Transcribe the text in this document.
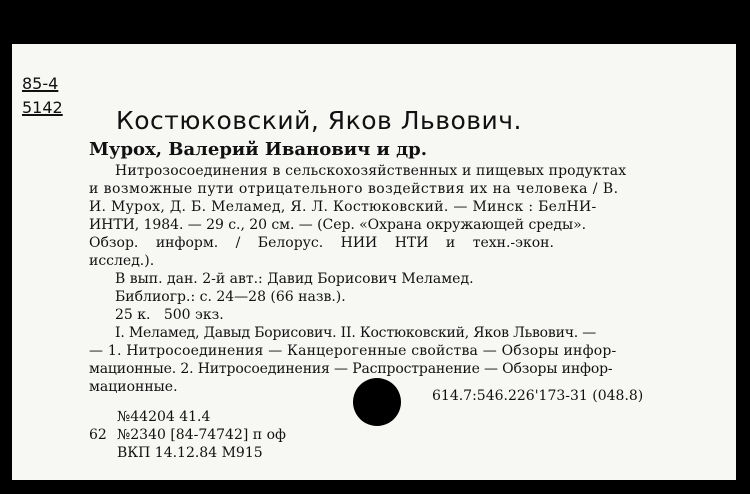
85-4
5142 Костюковский, Яков Львович.
Мурох, Валерий Иванович и др.
Нитрозосоединения в сельскохозяйственных и пищевых продуктах
и возможные пути отрицательного воздействия их на человека / В.
И. Мурох, Д. Б. Меламед, Я. Л. Костюковский. — Минск : БелНИ-
ИНТИ, 1984. — 29 с., 20 см. — (Сер. «Охрана окружающей среды».
Обзор. информ. / Белорус. НИИ НТИ и техн.-экон.
исслед.).
В вып. дан. 2-й авт.: Давид Борисович Меламед.
Библиогр.: с. 24—28 (66 назв.).
25 к.   500 экз.
I. Меламед, Давыд Борисович. II. Костюковский, Яков Львович. —
— 1. Нитросоединения — Канцерогенные свойства — Обзоры инфор-
мационные. 2. Нитросоединения — Распространение — Обзоры инфор-
мационные.
614.7:546.226'173-31 (048.8)
№44204 41.4
62 №2340 [84-74742] п оф
ВКП 14.12.84 М915
